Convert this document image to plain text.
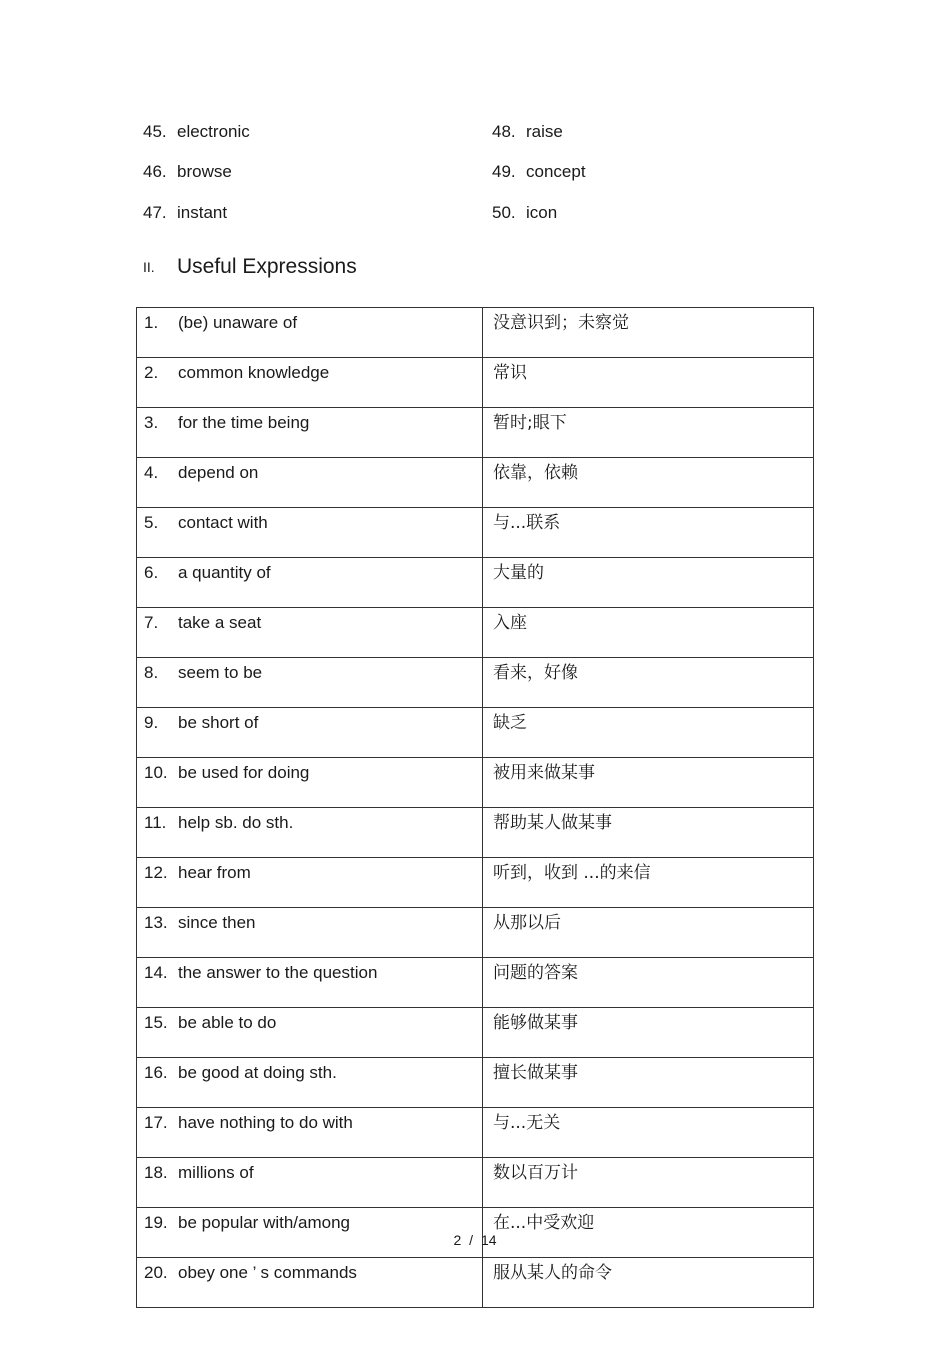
45. electronic
46. browse
47. instant
48. raise
49. concept
50. icon
II. Useful Expressions
1. (be) unaware of	没意识到；未察觉
2. common knowledge	常识
3. for the time being	暂时;眼下
4. depend on	依靠，依赖
5. contact with	与...联系
6. a quantity of	大量的
7. take a seat	入座
8. seem to be	看来，好像
9. be short of	缺乏
10. be used for doing	被用来做某事
11. help sb. do sth.	帮助某人做某事
12. hear from	听到，收到 ...的来信
13. since then	从那以后
14. the answer to the question	问题的答案
15. be able to do	能够做某事
16. be good at doing sth.	擅长做某事
17. have nothing to do with	与...无关
18. millions of	数以百万计
19. be popular with/among	在...中受欢迎
20. obey one ’ s commands	服从某人的命令
2 / 14
